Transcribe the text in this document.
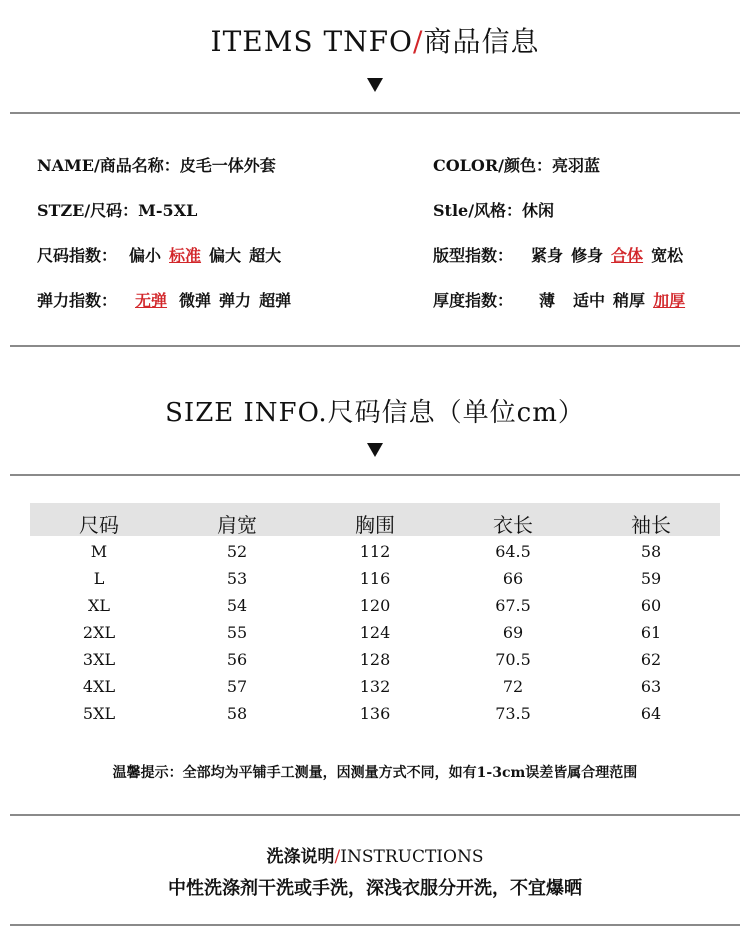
ITEMS TNFO/商品信息
NAME/商品名称：皮毛一体外套	COLOR/颜色：亮羽蓝
STZE/尺码：M-5XL	Stle/风格：休闲
尺码指数： 偏小 标准 偏大 超大	版型指数： 紧身 修身 合体 宽松
弹力指数： 无弹 微弹 弹力 超弹	厚度指数： 薄 适中 稍厚 加厚
SIZE INFO.尺码信息（单位cm）
尺码	肩宽	胸围	衣长	袖长
M	52	112	64.5	58
L	53	116	66	59
XL	54	120	67.5	60
2XL	55	124	69	61
3XL	56	128	70.5	62
4XL	57	132	72	63
5XL	58	136	73.5	64
温馨提示：全部均为平铺手工测量，因测量方式不同，如有1-3cm误差皆属合理范围
洗涤说明/INSTRUCTIONS
中性洗涤剂干洗或手洗，深浅衣服分开洗，不宜爆晒
